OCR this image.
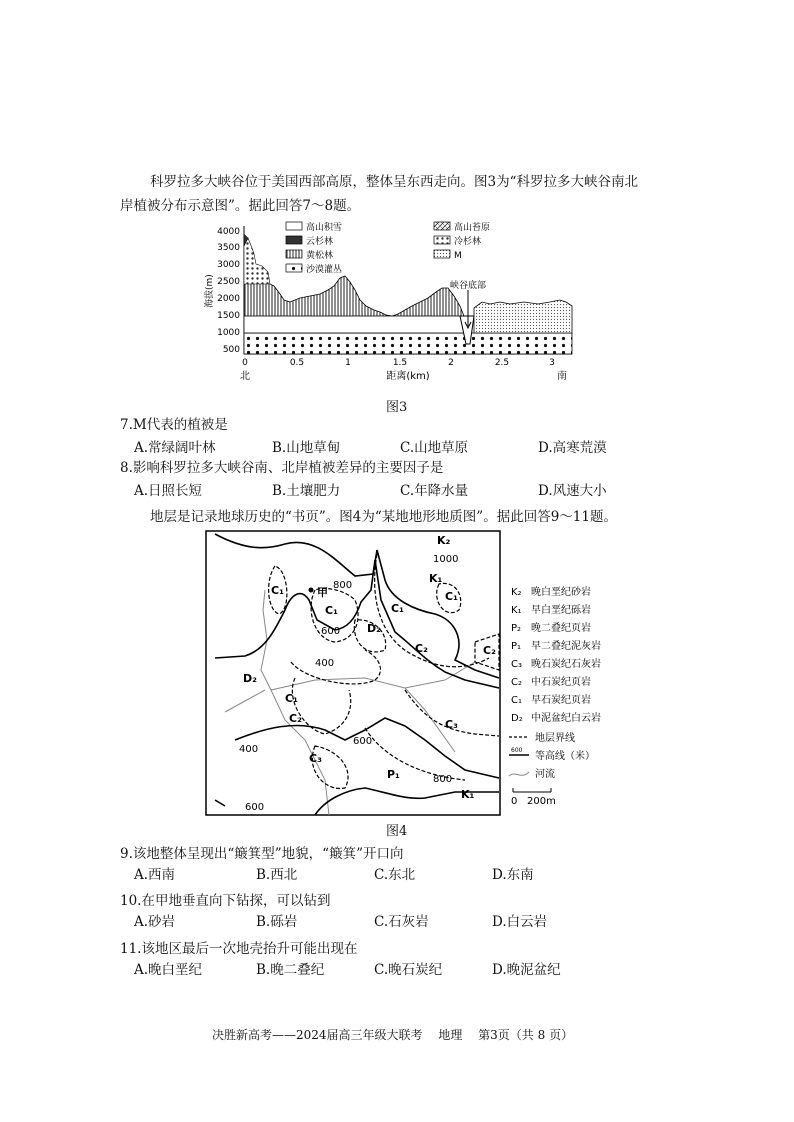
科罗拉多大峡谷位于美国西部高原，整体呈东西走向。图3为“科罗拉多大峡谷南北
岸植被分布示意图”。据此回答7～8题。
4000
3500
3000
2500
2000
1500
1000
500
海拔(m)
0	0.5	1	1.5	2	2.5	3
北	距离(km)	南
峡谷底部
高山积雪	高山苔原
云杉林	冷杉林
黄松林	M
沙漠灌丛
图3
7.M代表的植被是
A.常绿阔叶林	B.山地草甸	C.山地草原	D.高寒荒漠
8.影响科罗拉多大峡谷南、北岸植被差异的主要因子是
A.日照长短	B.土壤肥力	C.年降水量	D.风速大小
地层是记录地球历史的“书页”。图4为“某地地形地质图”。据此回答9～11题。
K₂
K₁
C₁	甲
C₁	C₁
C₁
D₂
C₂	C₂
D₂
C₁
C₂	C₃
C₃
P₁
K₁
1000
800
600
400
600
400
800
600
K₂ 晚白垩纪砂岩
K₁ 早白垩纪砾岩
P₂ 晚二叠纪页岩
P₁ 早二叠纪泥灰岩
C₃ 晚石炭纪石灰岩
C₂ 中石炭纪页岩
C₁ 早石炭纪页岩
D₂ 中泥盆纪白云岩
地层界线
600
等高线（米）
河流
0 200m
图4
9.该地整体呈现出“簸箕型”地貌，“簸箕”开口向
A.西南	B.西北	C.东北	D.东南
10.在甲地垂直向下钻探，可以钻到
A.砂岩	B.砾岩	C.石灰岩	D.白云岩
11.该地区最后一次地壳抬升可能出现在
A.晚白垩纪	B.晚二叠纪	C.晚石炭纪	D.晚泥盆纪
决胜新高考——2024届高三年级大联考　 地理　 第3页（共 8 页）
